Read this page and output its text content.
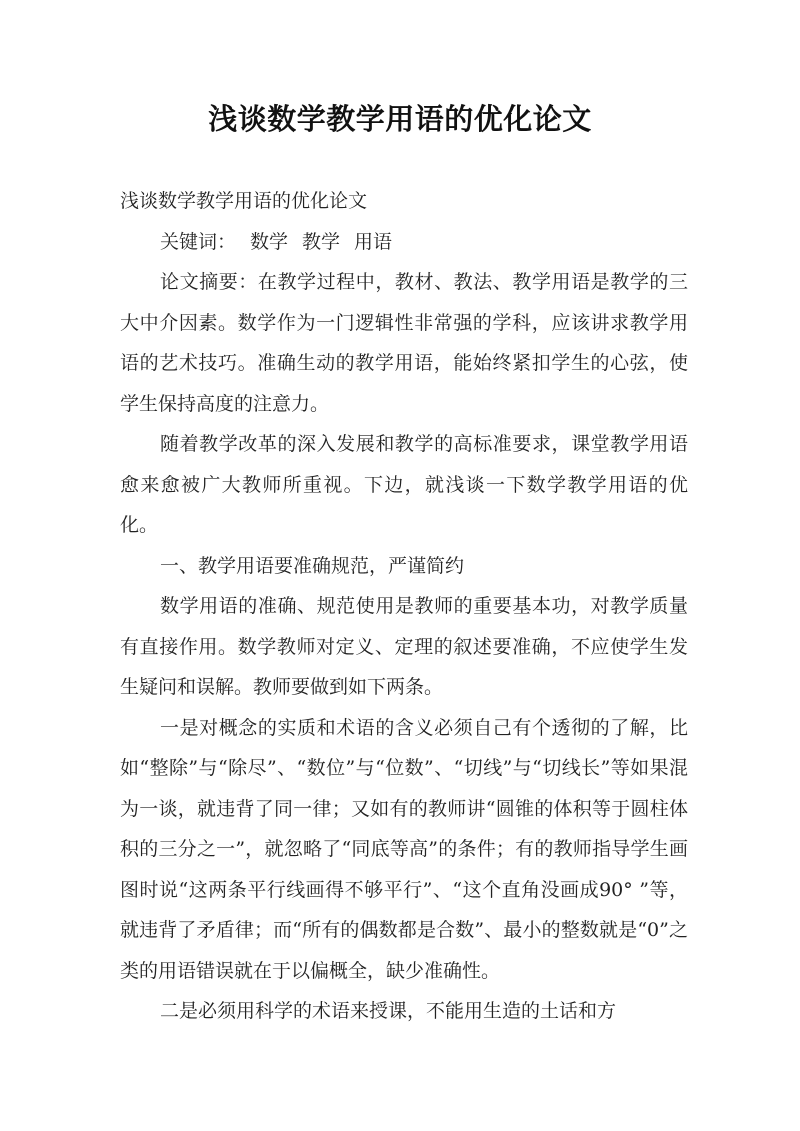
浅谈数学教学用语的优化论文

浅谈数学教学用语的优化论文

关键词： 数学 教学 用语

论文摘要：在教学过程中，教材、教法、教学用语是教学的三大中介因素。数学作为一门逻辑性非常强的学科，应该讲求教学用语的艺术技巧。准确生动的教学用语，能始终紧扣学生的心弦，使学生保持高度的注意力。

随着教学改革的深入发展和教学的高标准要求，课堂教学用语愈来愈被广大教师所重视。下边，就浅谈一下数学教学用语的优化。

一、教学用语要准确规范，严谨简约

数学用语的准确、规范使用是教师的重要基本功，对教学质量有直接作用。数学教师对定义、定理的叙述要准确，不应使学生发生疑问和误解。教师要做到如下两条。

一是对概念的实质和术语的含义必须自己有个透彻的了解，比如“整除”与“除尽”、“数位”与“位数”、“切线”与“切线长”等如果混为一谈，就违背了同一律；又如有的教师讲“圆锥的体积等于圆柱体积的三分之一”，就忽略了“同底等高”的条件；有的教师指导学生画图时说“这两条平行线画得不够平行”、“这个直角没画成90° ”等，就违背了矛盾律；而“所有的偶数都是合数”、最小的整数就是“0”之类的用语错误就在于以偏概全，缺少准确性。

二是必须用科学的术语来授课，不能用生造的土话和方
